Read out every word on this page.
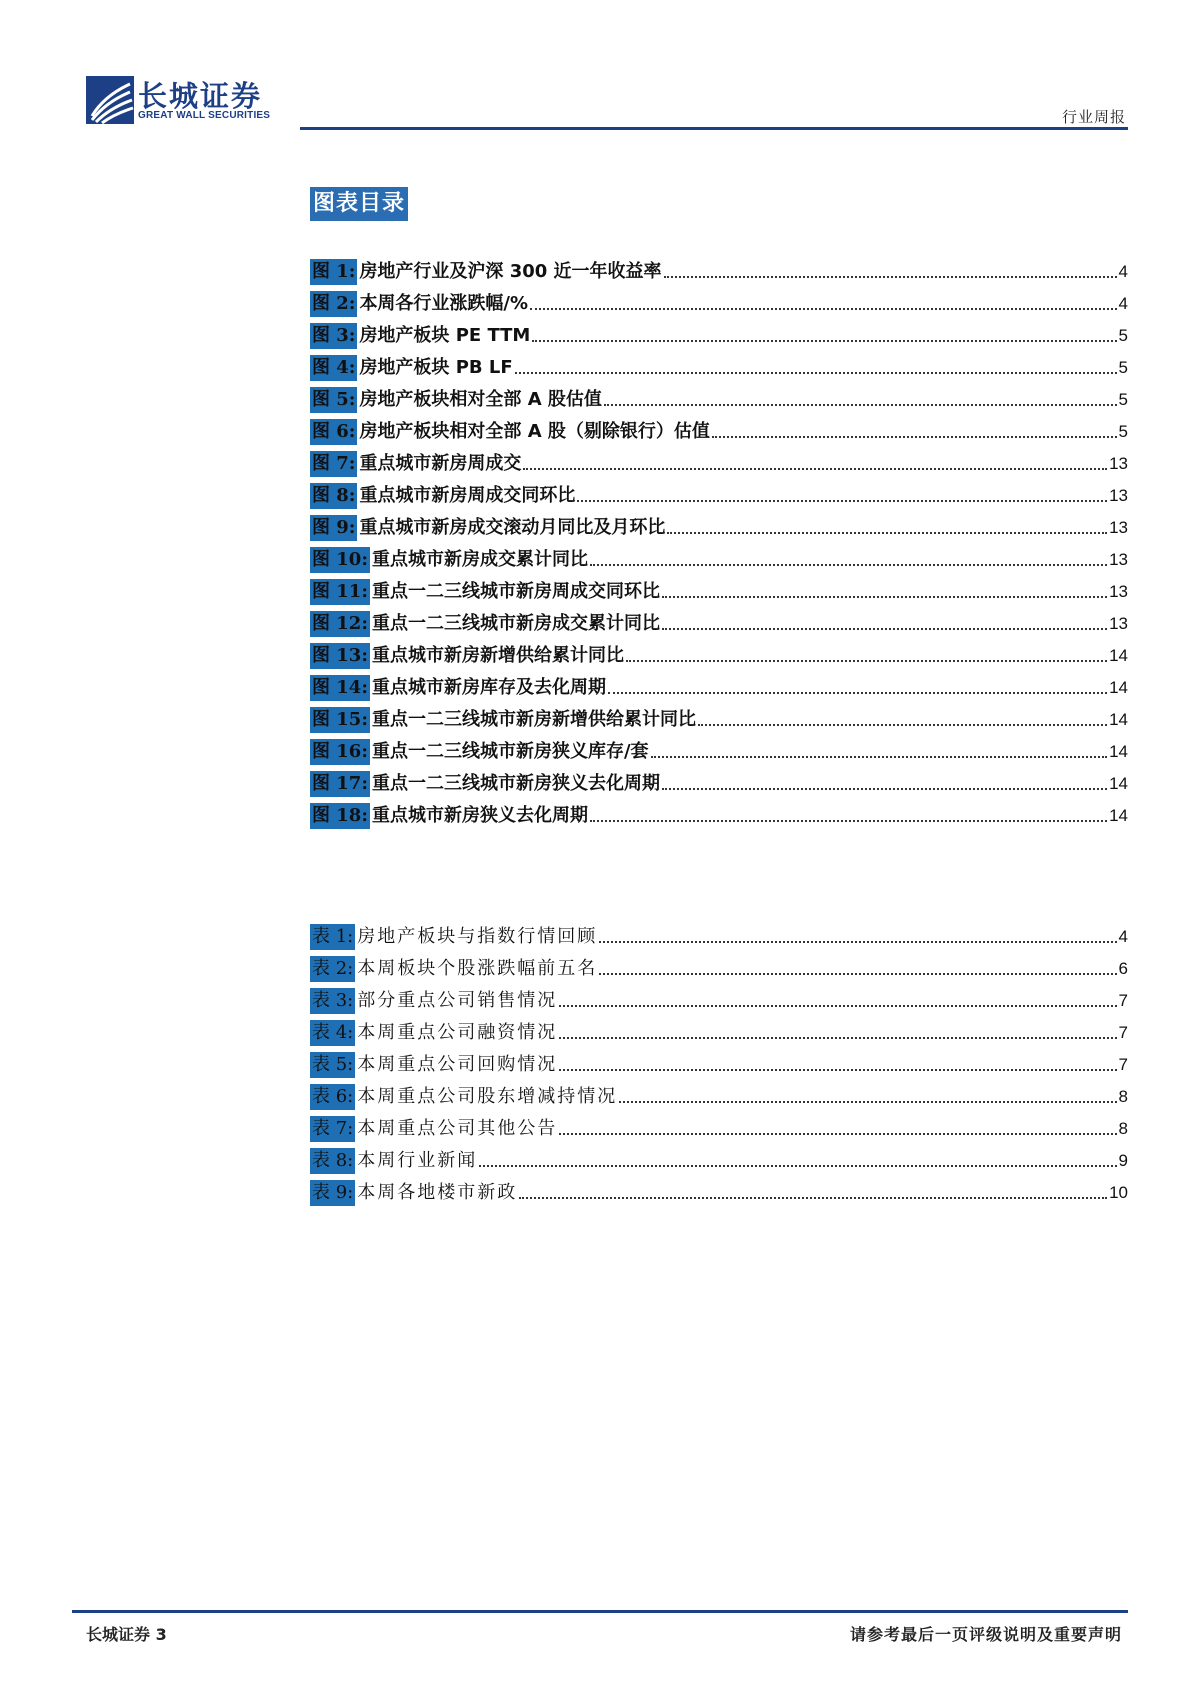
长城证券
GREAT WALL SECURITIES	行业周报
图表目录
图 1: 房地产行业及沪深 300 近一年收益率	4
图 2: 本周各行业涨跌幅/%	4
图 3: 房地产板块 PE TTM	5
图 4: 房地产板块 PB LF	5
图 5: 房地产板块相对全部 A 股估值	5
图 6: 房地产板块相对全部 A 股（剔除银行）估值	5
图 7: 重点城市新房周成交	13
图 8: 重点城市新房周成交同环比	13
图 9: 重点城市新房成交滚动月同比及月环比	13
图 10: 重点城市新房成交累计同比	13
图 11: 重点一二三线城市新房周成交同环比	13
图 12: 重点一二三线城市新房成交累计同比	13
图 13: 重点城市新房新增供给累计同比	14
图 14: 重点城市新房库存及去化周期	14
图 15: 重点一二三线城市新房新增供给累计同比	14
图 16: 重点一二三线城市新房狭义库存/套	14
图 17: 重点一二三线城市新房狭义去化周期	14
图 18: 重点城市新房狭义去化周期	14
表 1: 房地产板块与指数行情回顾	4
表 2: 本周板块个股涨跌幅前五名	6
表 3: 部分重点公司销售情况	7
表 4: 本周重点公司融资情况	7
表 5: 本周重点公司回购情况	7
表 6: 本周重点公司股东增减持情况	8
表 7: 本周重点公司其他公告	8
表 8: 本周行业新闻	9
表 9: 本周各地楼市新政	10
长城证券 3	请参考最后一页评级说明及重要声明
